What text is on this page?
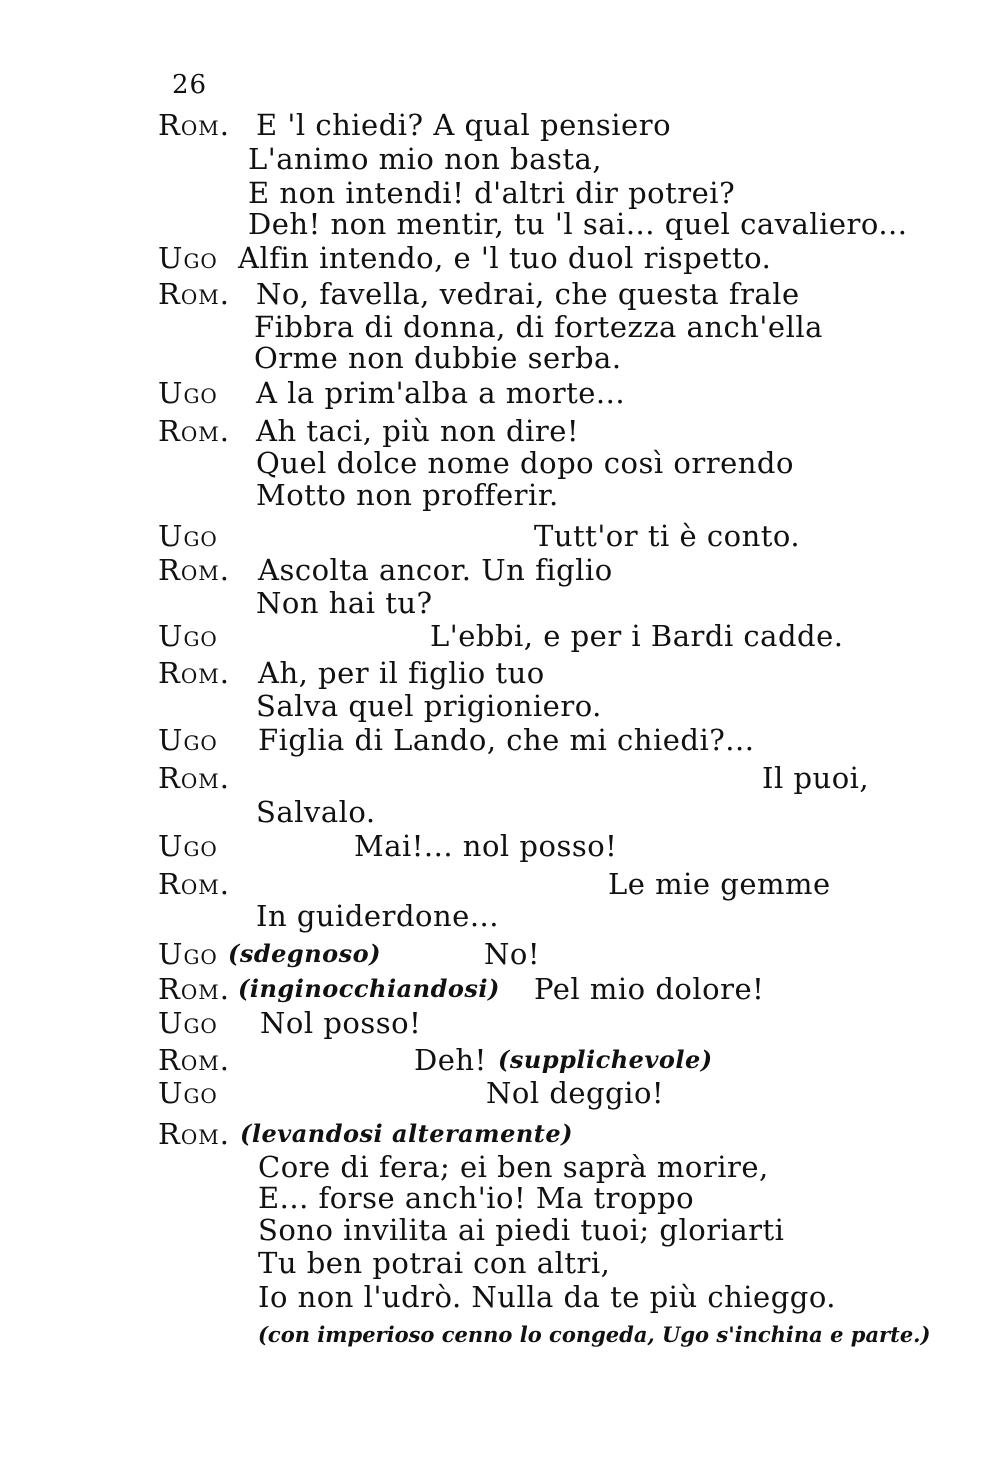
26
Rom. E 'l chiedi? A qual pensiero
L'animo mio non basta,
E non intendi! d'altri dir potrei?
Deh! non mentir, tu 'l sai... quel cavaliero...
Ugo Alfin intendo, e 'l tuo duol rispetto.
Rom. No, favella, vedrai, che questa frale
Fibbra di donna, di fortezza anch'ella
Orme non dubbie serba.
Ugo A la prim'alba a morte...
Rom. Ah taci, più non dire!
Quel dolce nome dopo così orrendo
Motto non profferir.
Ugo	Tutt'or ti è conto.
Rom. Ascolta ancor. Un figlio
Non hai tu?
Ugo	L'ebbi, e per i Bardi cadde.
Rom. Ah, per il figlio tuo
Salva quel prigioniero.
Ugo Figlia di Lando, che mi chiedi?...
Rom.	Il puoi,
Salvalo.
Ugo	Mai!... nol posso!
Rom.	Le mie gemme
In guiderdone...
Ugo (sdegnoso)	No!
Rom. (inginocchiandosi) Pel mio dolore!
Ugo Nol posso!
Rom.	Deh! (supplichevole)
Ugo	Nol deggio!
Rom. (levandosi alteramente)
Core di fera; ei ben saprà morire,
E... forse anch'io! Ma troppo
Sono invilita ai piedi tuoi; gloriarti
Tu ben potrai con altri,
Io non l'udrò. Nulla da te più chieggo.
(con imperioso cenno lo congeda, Ugo s'inchina e parte.)
